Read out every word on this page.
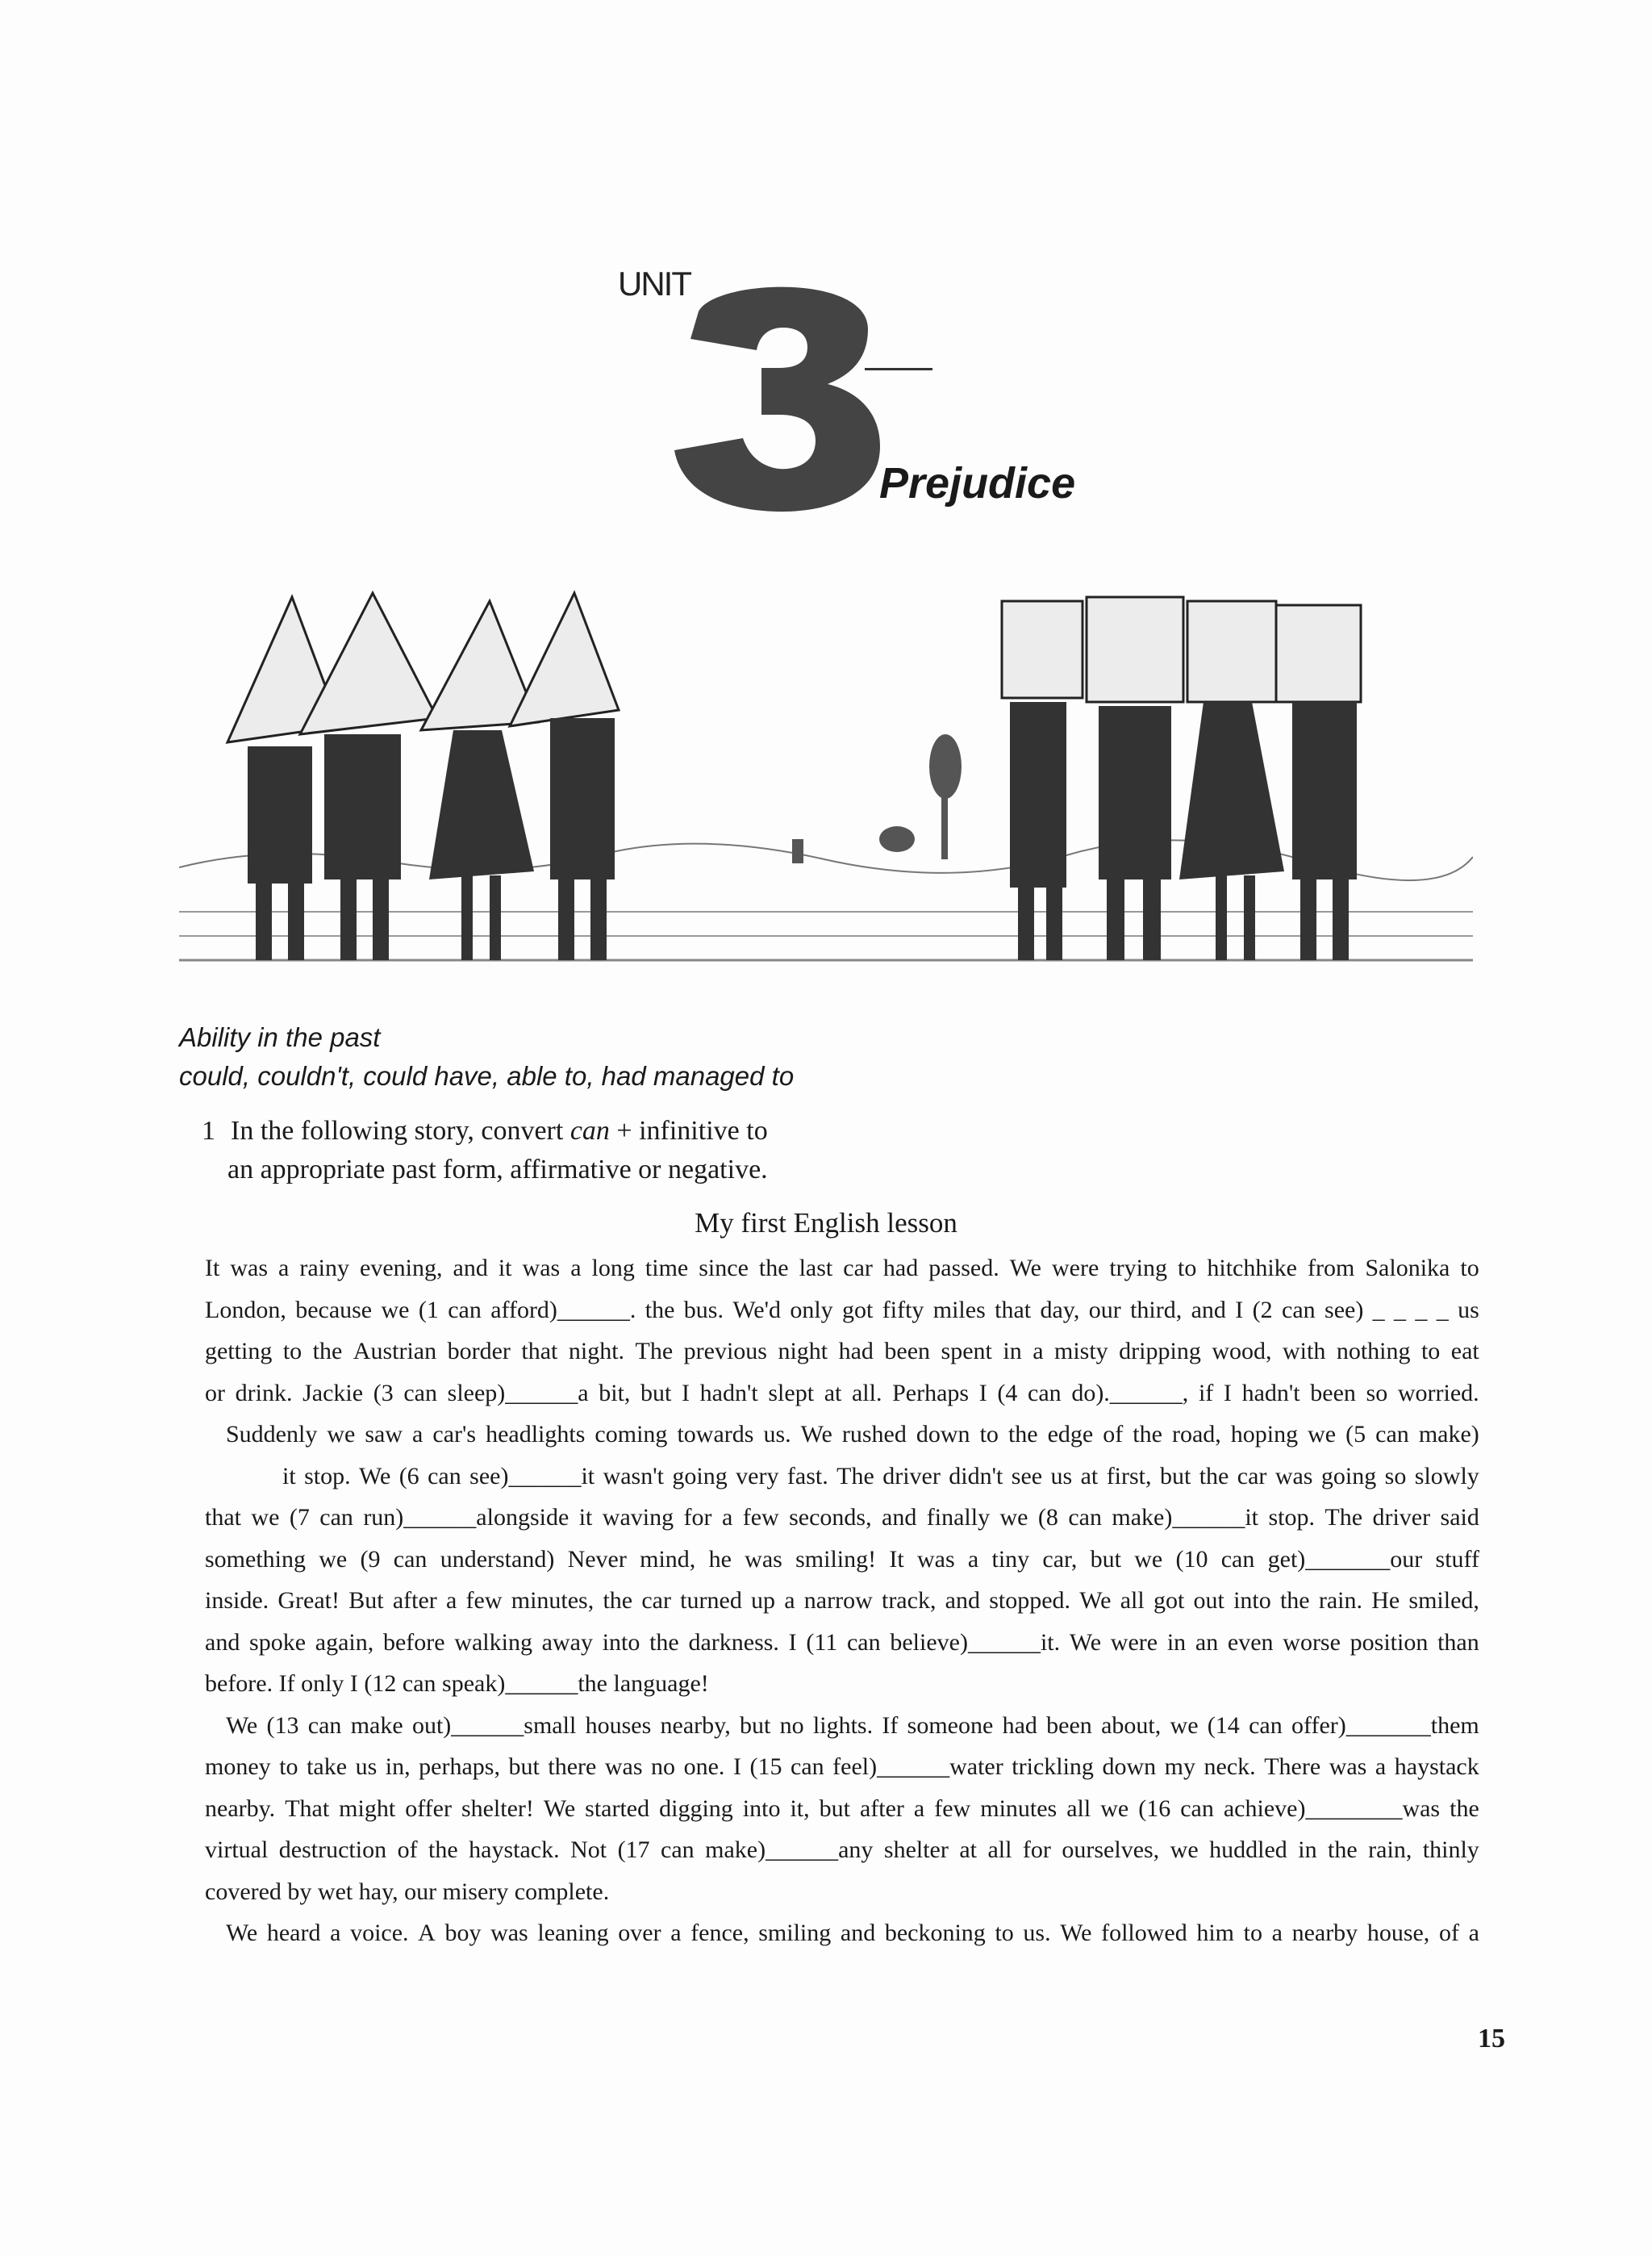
UNIT
Prejudice
Ability in the past
could, couldn't, could have, able to, had managed to
1 In the following story, convert can + infinitive to
an appropriate past form, affirmative or negative.
My first English lesson
It was a rainy evening, and it was a long time since the last car had passed. We were trying to hitchhike from Salonika to
London, because we (1 can afford)______. the bus. We'd only got fifty miles that day, our third, and I (2 can see) _ _ _ _ us
getting to the Austrian border that night. The previous night had been spent in a misty dripping wood, with nothing to eat
or drink. Jackie (3 can sleep)______a bit, but I hadn't slept at all. Perhaps I (4 can do).______, if I hadn't been so worried.
Suddenly we saw a car's headlights coming towards us. We rushed down to the edge of the road, hoping we (5 can make)
it stop. We (6 can see)______it wasn't going very fast. The driver didn't see us at first, but the car was going so slowly
that we (7 can run)______alongside it waving for a few seconds, and finally we (8 can make)______it stop. The driver said
something we (9 can understand) Never mind, he was smiling! It was a tiny car, but we (10 can get)_______our stuff
inside. Great! But after a few minutes, the car turned up a narrow track, and stopped. We all got out into the rain. He smiled,
and spoke again, before walking away into the darkness. I (11 can believe)______it. We were in an even worse position than
before. If only I (12 can speak)______the language!
We (13 can make out)______small houses nearby, but no lights. If someone had been about, we (14 can offer)_______them
money to take us in, perhaps, but there was no one. I (15 can feel)______water trickling down my neck. There was a haystack
nearby. That might offer shelter! We started digging into it, but after a few minutes all we (16 can achieve)________was the
virtual destruction of the haystack. Not (17 can make)______any shelter at all for ourselves, we huddled in the rain, thinly
covered by wet hay, our misery complete.
We heard a voice. A boy was leaning over a fence, smiling and beckoning to us. We followed him to a nearby house, of a
15
